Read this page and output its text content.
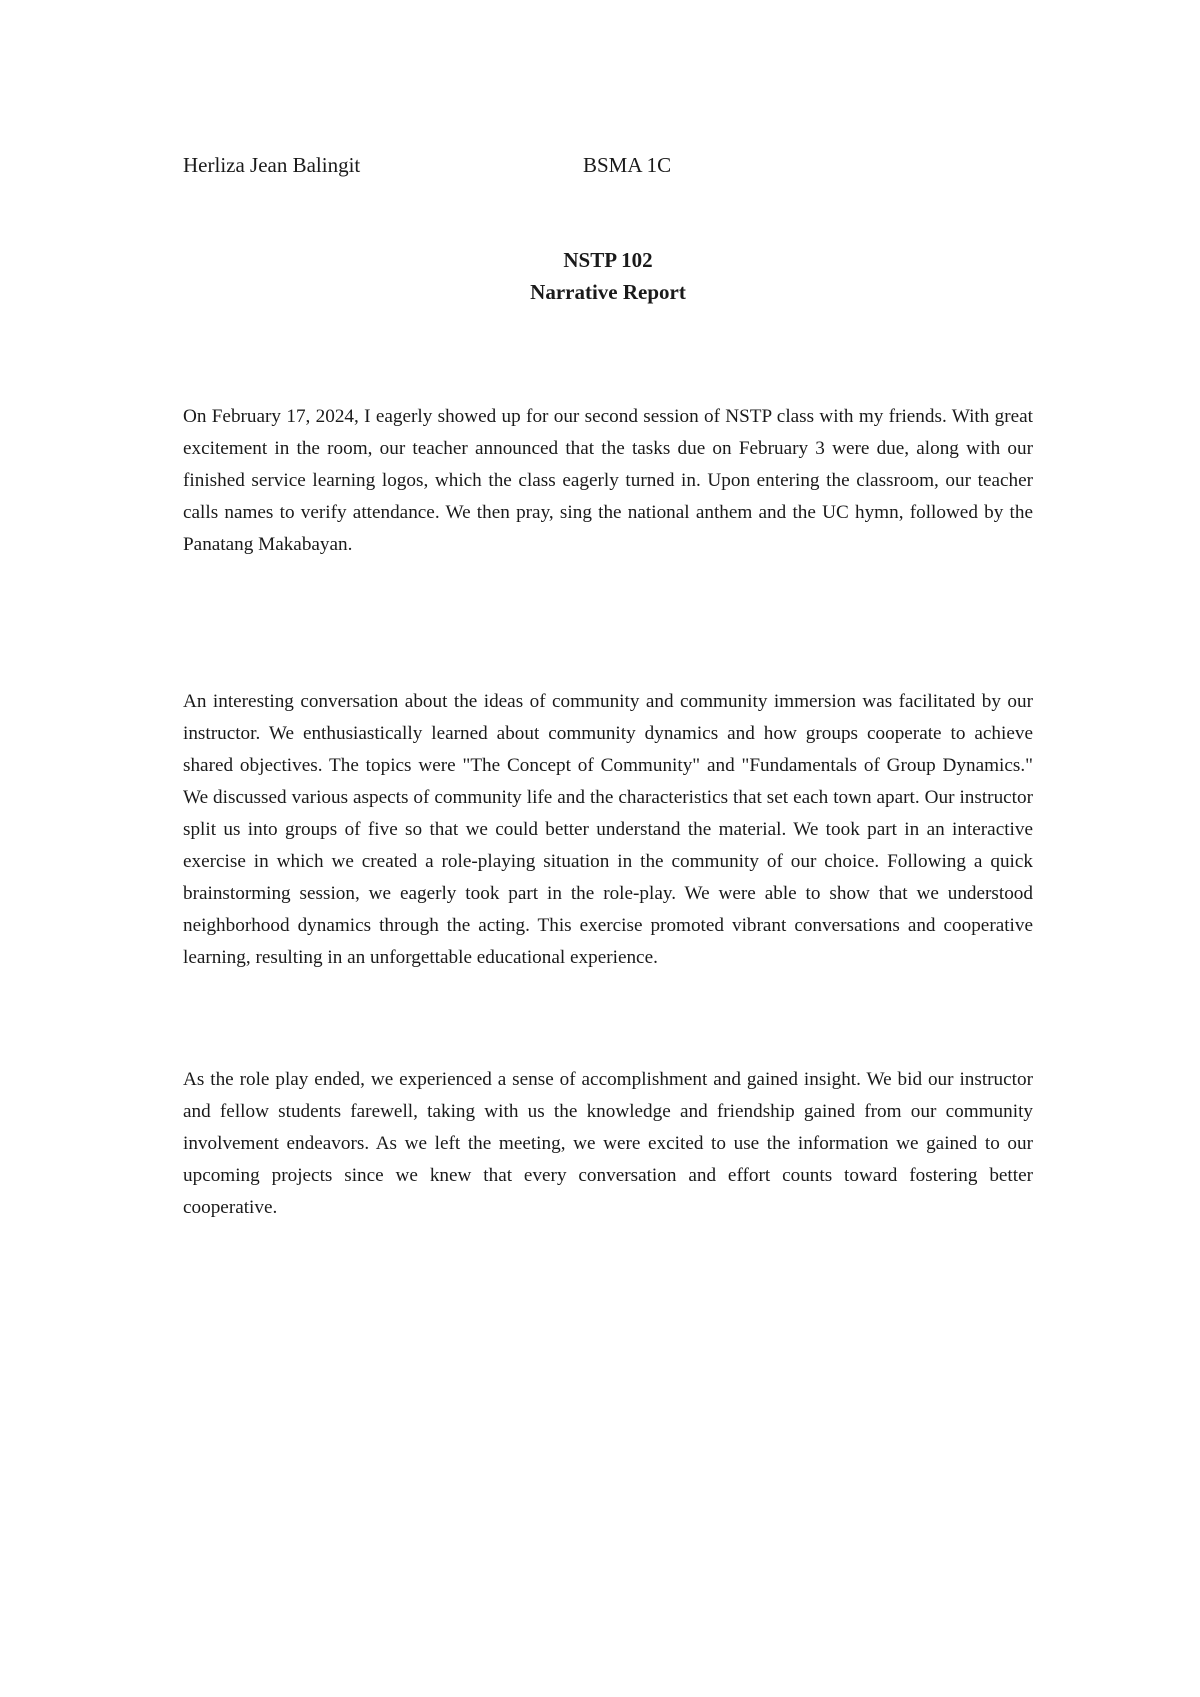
Herliza Jean Balingit	BSMA 1C
NSTP 102
Narrative Report

On February 17, 2024, I eagerly showed up for our second session of NSTP class with my friends. With great excitement in the room, our teacher announced that the tasks due on February 3 were due, along with our finished service learning logos, which the class eagerly turned in. Upon entering the classroom, our teacher calls names to verify attendance. We then pray, sing the national anthem and the UC hymn, followed by the Panatang Makabayan.

An interesting conversation about the ideas of community and community immersion was facilitated by our instructor. We enthusiastically learned about community dynamics and how groups cooperate to achieve shared objectives. The topics were "The Concept of Community" and "Fundamentals of Group Dynamics." We discussed various aspects of community life and the characteristics that set each town apart. Our instructor split us into groups of five so that we could better understand the material. We took part in an interactive exercise in which we created a role-playing situation in the community of our choice. Following a quick brainstorming session, we eagerly took part in the role-play. We were able to show that we understood neighborhood dynamics through the acting. This exercise promoted vibrant conversations and cooperative learning, resulting in an unforgettable educational experience.

As the role play ended, we experienced a sense of accomplishment and gained insight. We bid our instructor and fellow students farewell, taking with us the knowledge and friendship gained from our community involvement endeavors. As we left the meeting, we were excited to use the information we gained to our upcoming projects since we knew that every conversation and effort counts toward fostering better cooperative.
